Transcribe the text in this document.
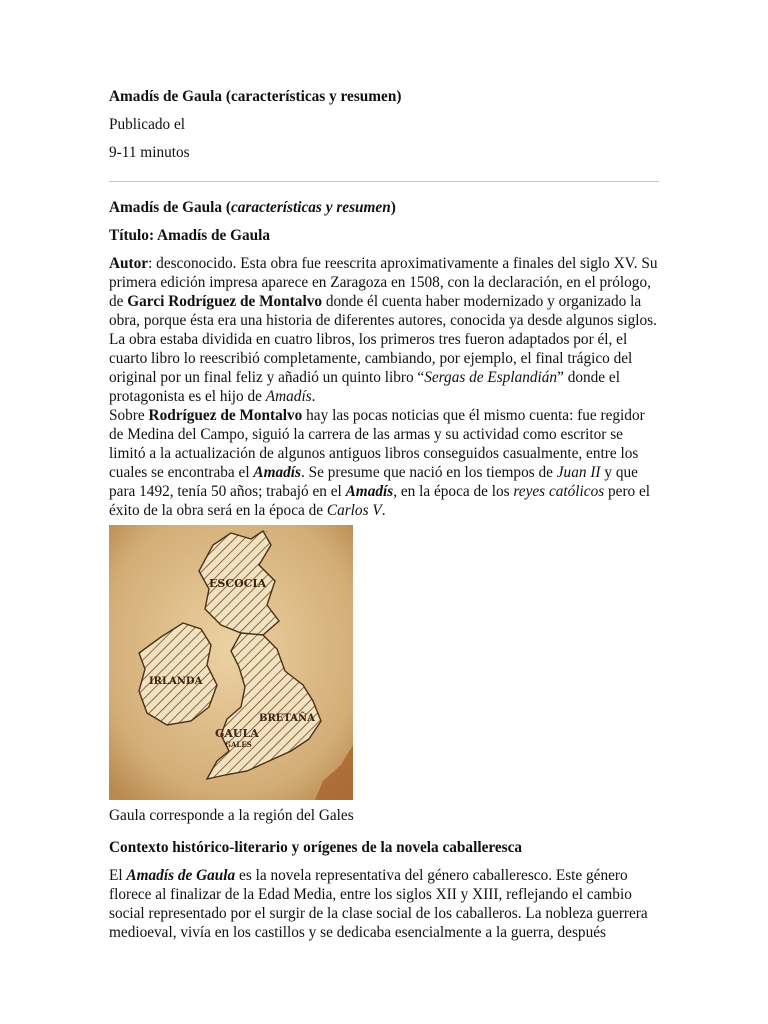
Amadís de Gaula (características y resumen)

Publicado el

9-11 minutos

Amadís de Gaula (características y resumen)

Título: Amadís de Gaula

Autor: desconocido. Esta obra fue reescrita aproximativamente a finales del siglo XV. Su primera edición impresa aparece en Zaragoza en 1508, con la declaración, en el prólogo, de Garci Rodríguez de Montalvo donde él cuenta haber modernizado y organizado la obra, porque ésta era una historia de diferentes autores, conocida ya desde algunos siglos. La obra estaba dividida en cuatro libros, los primeros tres fueron adaptados por él, el cuarto libro lo reescribió completamente, cambiando, por ejemplo, el final trágico del original por un final feliz y añadió un quinto libro “Sergas de Esplandián” donde el protagonista es el hijo de Amadís.

Sobre Rodríguez de Montalvo hay las pocas noticias que él mismo cuenta: fue regidor de Medina del Campo, siguió la carrera de las armas y su actividad como escritor se limitó a la actualización de algunos antiguos libros conseguidos casualmente, entre los cuales se encontraba el Amadís. Se presume que nació en los tiempos de Juan II y que para 1492, tenía 50 años; trabajó en el Amadís, en la época de los reyes católicos pero el éxito de la obra será en la época de Carlos V.

~~~
ESCOCIA
IRLANDA
BRETAÑA
GAULA
GALES

Gaula corresponde a la región del Gales

Contexto histórico-literario y orígenes de la novela caballeresca

El Amadís de Gaula es la novela representativa del género caballeresco. Este género florece al finalizar de la Edad Media, entre los siglos XII y XIII, reflejando el cambio social representado por el surgir de la clase social de los caballeros. La nobleza guerrera medioeval, vivía en los castillos y se dedicaba esencialmente a la guerra, después
